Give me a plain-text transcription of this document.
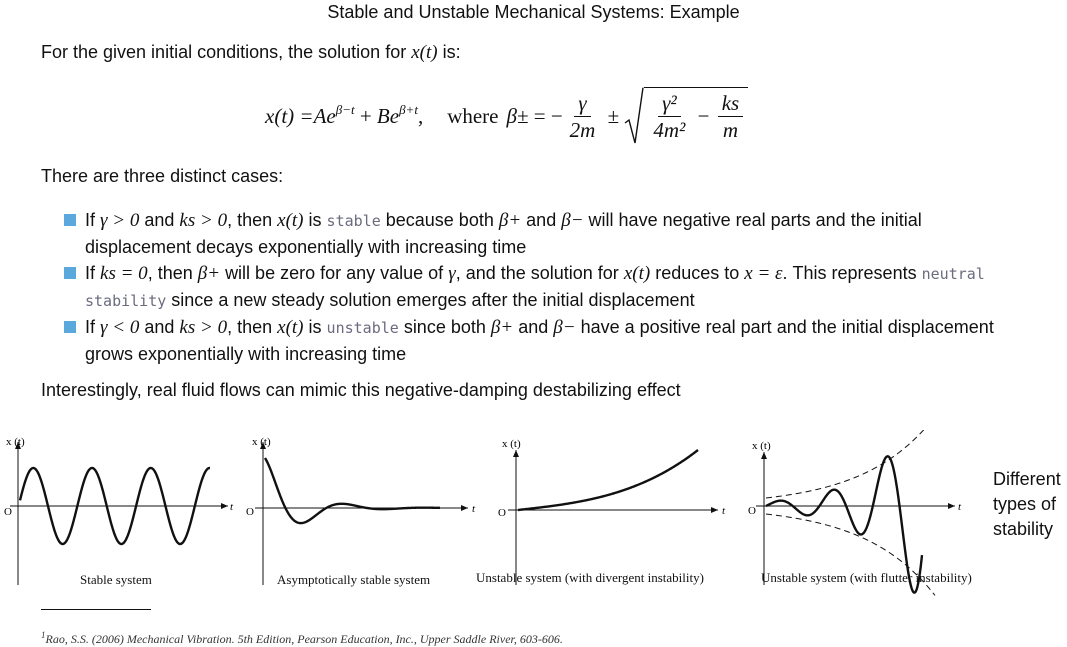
Stable and Unstable Mechanical Systems: Example
For the given initial conditions, the solution for x(t) is:
x(t) = Ae $^{\beta-t}$ + Be $^{\beta+t}$ , where β± = − $\frac{\gamma}{2m} \pm \frac{\text{γ²}}{\text{4m²}} - \frac{ks}{m}$
There are three distinct cases:
If γ > 0 and ks > 0, then x(t) is stable because both β+ and β− will have negative real parts and the initial displacement decays exponentially with increasing time
If ks = 0, then β+ will be zero for any value of γ, and the solution for x(t) reduces to x = ε. This represents neutral stability since a new steady solution emerges after the initial displacement
If γ < 0 and ks > 0, then x(t) is unstable since both β+ and β− have a positive real part and the initial displacement grows exponentially with increasing time
Interestingly, real fluid flows can mimic this negative-damping destabilizing effect
x (t)
O	t
x (t)
O	t
x (t)
O	t
x (t)
O	t
Stable system	Asymptotically stable system	Unstable system (with divergent instability)	Unstable system (with flutter instability)
Different types of stability
$^1$Rao, S.S. (2006) Mechanical Vibration. 5th Edition, Pearson Education, Inc., Upper Saddle River, 603-606.
